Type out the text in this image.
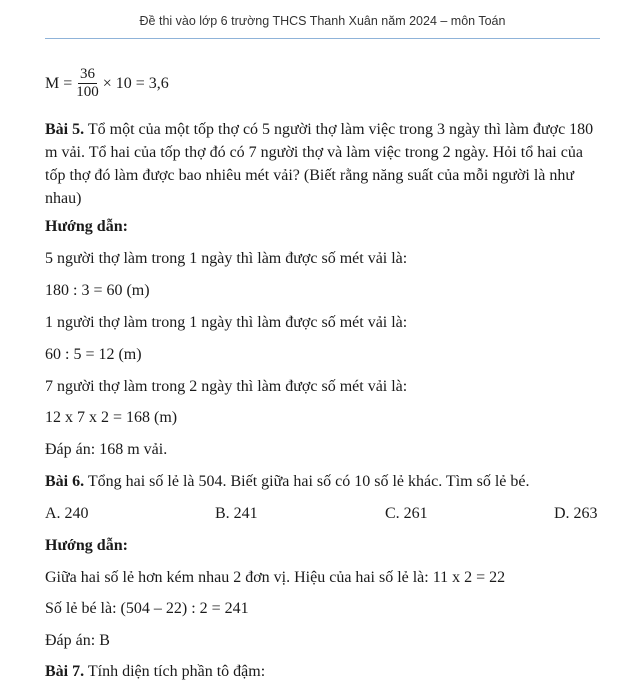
Đề thi vào lớp 6 trường THCS Thanh Xuân năm 2024 – môn Toán
$M = \frac{36}{100} \times 10 = 3,6$
Bài 5. Tổ một của một tốp thợ có 5 người thợ làm việc trong 3 ngày thì làm được 180 m vải. Tổ hai của tốp thợ đó có 7 người thợ và làm việc trong 2 ngày. Hỏi tổ hai của tốp thợ đó làm được bao nhiêu mét vải? (Biết rằng năng suất của mỗi người là như nhau)
Hướng dẫn:
5 người thợ làm trong 1 ngày thì làm được số mét vải là:
180 : 3 = 60 (m)
1 người thợ làm trong 1 ngày thì làm được số mét vải là:
60 : 5 = 12 (m)
7 người thợ làm trong 2 ngày thì làm được số mét vải là:
12 x 7 x 2 = 168 (m)
Đáp án: 168 m vải.
Bài 6. Tổng hai số lẻ là 504. Biết giữa hai số có 10 số lẻ khác. Tìm số lẻ bé.
A. 240	B. 241	C. 261	D. 263
Hướng dẫn:
Giữa hai số lẻ hơn kém nhau 2 đơn vị. Hiệu của hai số lẻ là: 11 x 2 = 22
Số lẻ bé là: (504 – 22) : 2 = 241
Đáp án: B
Bài 7. Tính diện tích phần tô đậm:
